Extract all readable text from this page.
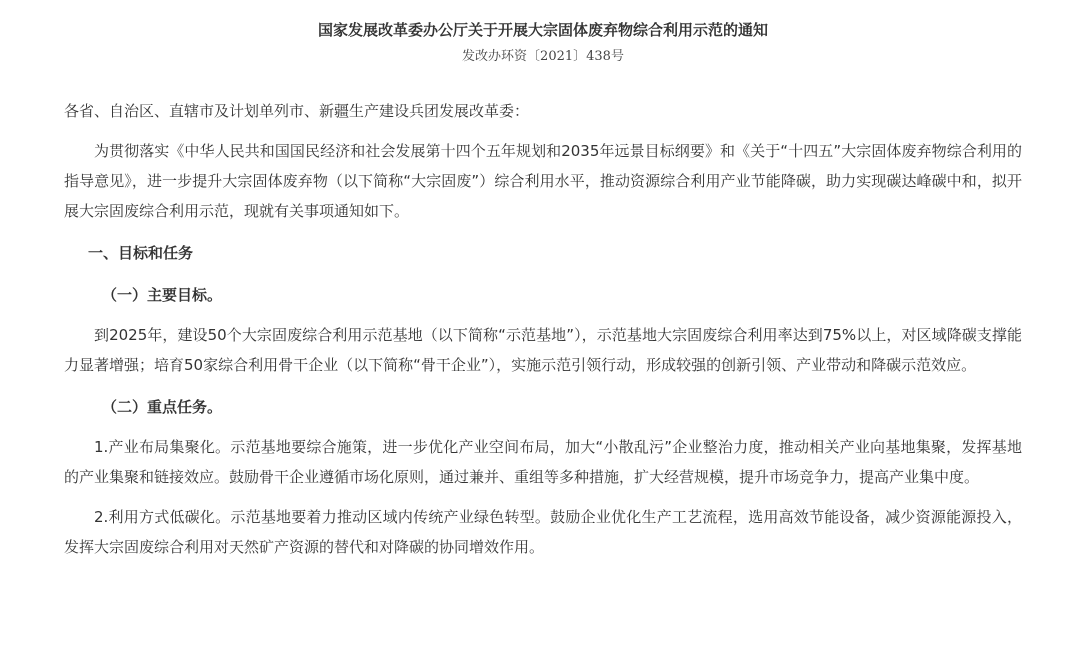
国家发展改革委办公厅关于开展大宗固体废弃物综合利用示范的通知

发改办环资〔2021〕438号

各省、自治区、直辖市及计划单列市、新疆生产建设兵团发展改革委：

为贯彻落实《中华人民共和国国民经济和社会发展第十四个五年规划和2035年远景目标纲要》和《关于“十四五”大宗固体废弃物综合利用的指导意见》，进一步提升大宗固体废弃物（以下简称“大宗固废”）综合利用水平，推动资源综合利用产业节能降碳，助力实现碳达峰碳中和，拟开展大宗固废综合利用示范，现就有关事项通知如下。

一、目标和任务

（一）主要目标。

到2025年，建设50个大宗固废综合利用示范基地（以下简称“示范基地”），示范基地大宗固废综合利用率达到75%以上，对区域降碳支撑能力显著增强；培育50家综合利用骨干企业（以下简称“骨干企业”），实施示范引领行动，形成较强的创新引领、产业带动和降碳示范效应。

（二）重点任务。

1.产业布局集聚化。示范基地要综合施策，进一步优化产业空间布局，加大“小散乱污”企业整治力度，推动相关产业向基地集聚，发挥基地的产业集聚和链接效应。鼓励骨干企业遵循市场化原则，通过兼并、重组等多种措施，扩大经营规模，提升市场竞争力，提高产业集中度。

2.利用方式低碳化。示范基地要着力推动区域内传统产业绿色转型。鼓励企业优化生产工艺流程，选用高效节能设备，减少资源能源投入，发挥大宗固废综合利用对天然矿产资源的替代和对降碳的协同增效作用。
